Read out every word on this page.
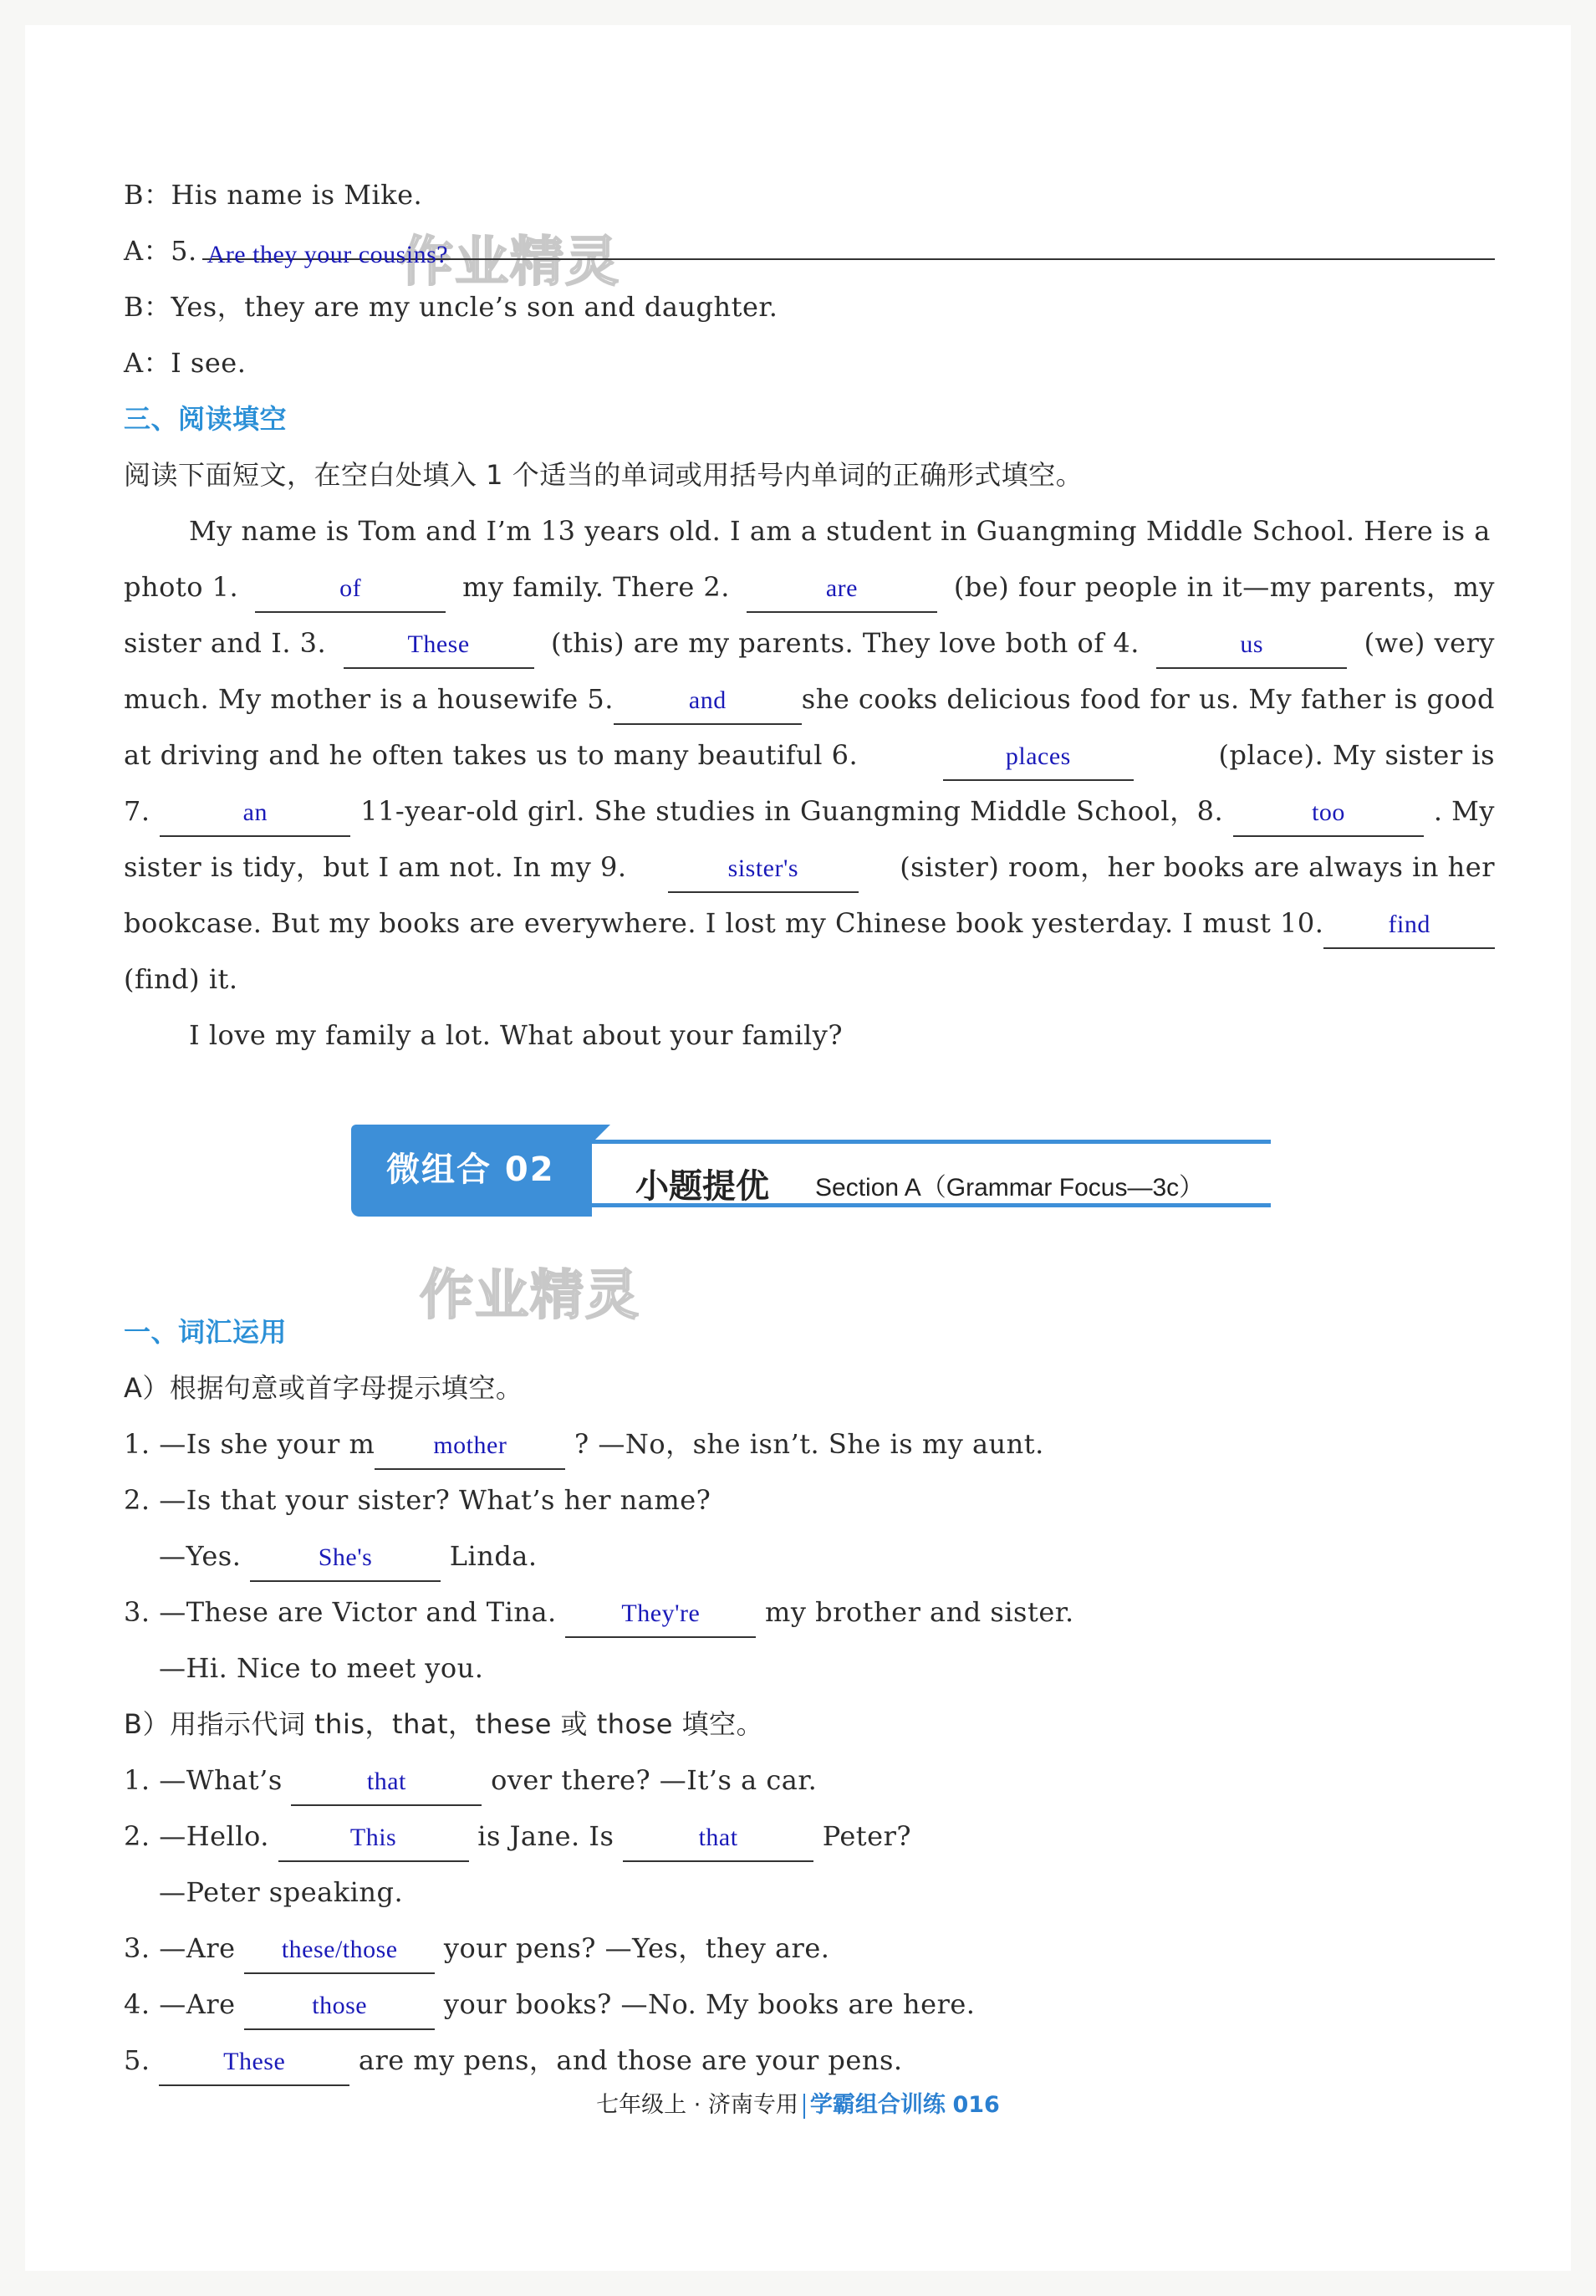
作业精灵
作业精灵
B：His name is Mike.
A：5. Are they your cousins?
B：Yes，they are my uncle’s son and daughter.
A：I see.
三、阅读填空
阅读下面短文，在空白处填入 1 个适当的单词或用括号内单词的正确形式填空。
My name is Tom and I’m 13 years old. I am a student in Guangming Middle School. Here is a
photo 1.	of	my family. There 2.	are	(be) four people in it—my parents，my
sister and I. 3.	These	(this) are my parents. They love both of 4.	us	(we) very
much. My mother is a housewife 5.	and	she cooks delicious food for us. My father is good
at driving and he often takes us to many beautiful 6.	places	(place). My sister is
7.	an	11-year-old girl. She studies in Guangming Middle School，8.	too	. My
sister is tidy，but I am not. In my 9.	sister's	(sister) room，her books are always in her
bookcase. But my books are everywhere. I lost my Chinese book yesterday. I must 10.	find
(find) it.
I love my family a lot. What about your family?
微组合 02 小题提优 Section A（Grammar Focus—3c）
一、词汇运用
A）根据句意或首字母提示填空。
1. —Is she your m mother	? —No，she isn’t. She is my aunt.
2. —Is that your sister? What’s her name?
—Yes.	She's	Linda.
3. —These are Victor and Tina.	They're my brother and sister.
—Hi. Nice to meet you.
B）用指示代词 this，that，these 或 those 填空。
1. —What’s	that	over there? —It’s a car.
2. —Hello.	This	is Jane. Is	that	Peter?
—Peter speaking.
3. —Are these/those your pens? —Yes，they are.
4. —Are	those	your books? —No. My books are here.
5.	These	are my pens，and those are your pens.
七年级上 · 济南专用 学霸组合训练 016
